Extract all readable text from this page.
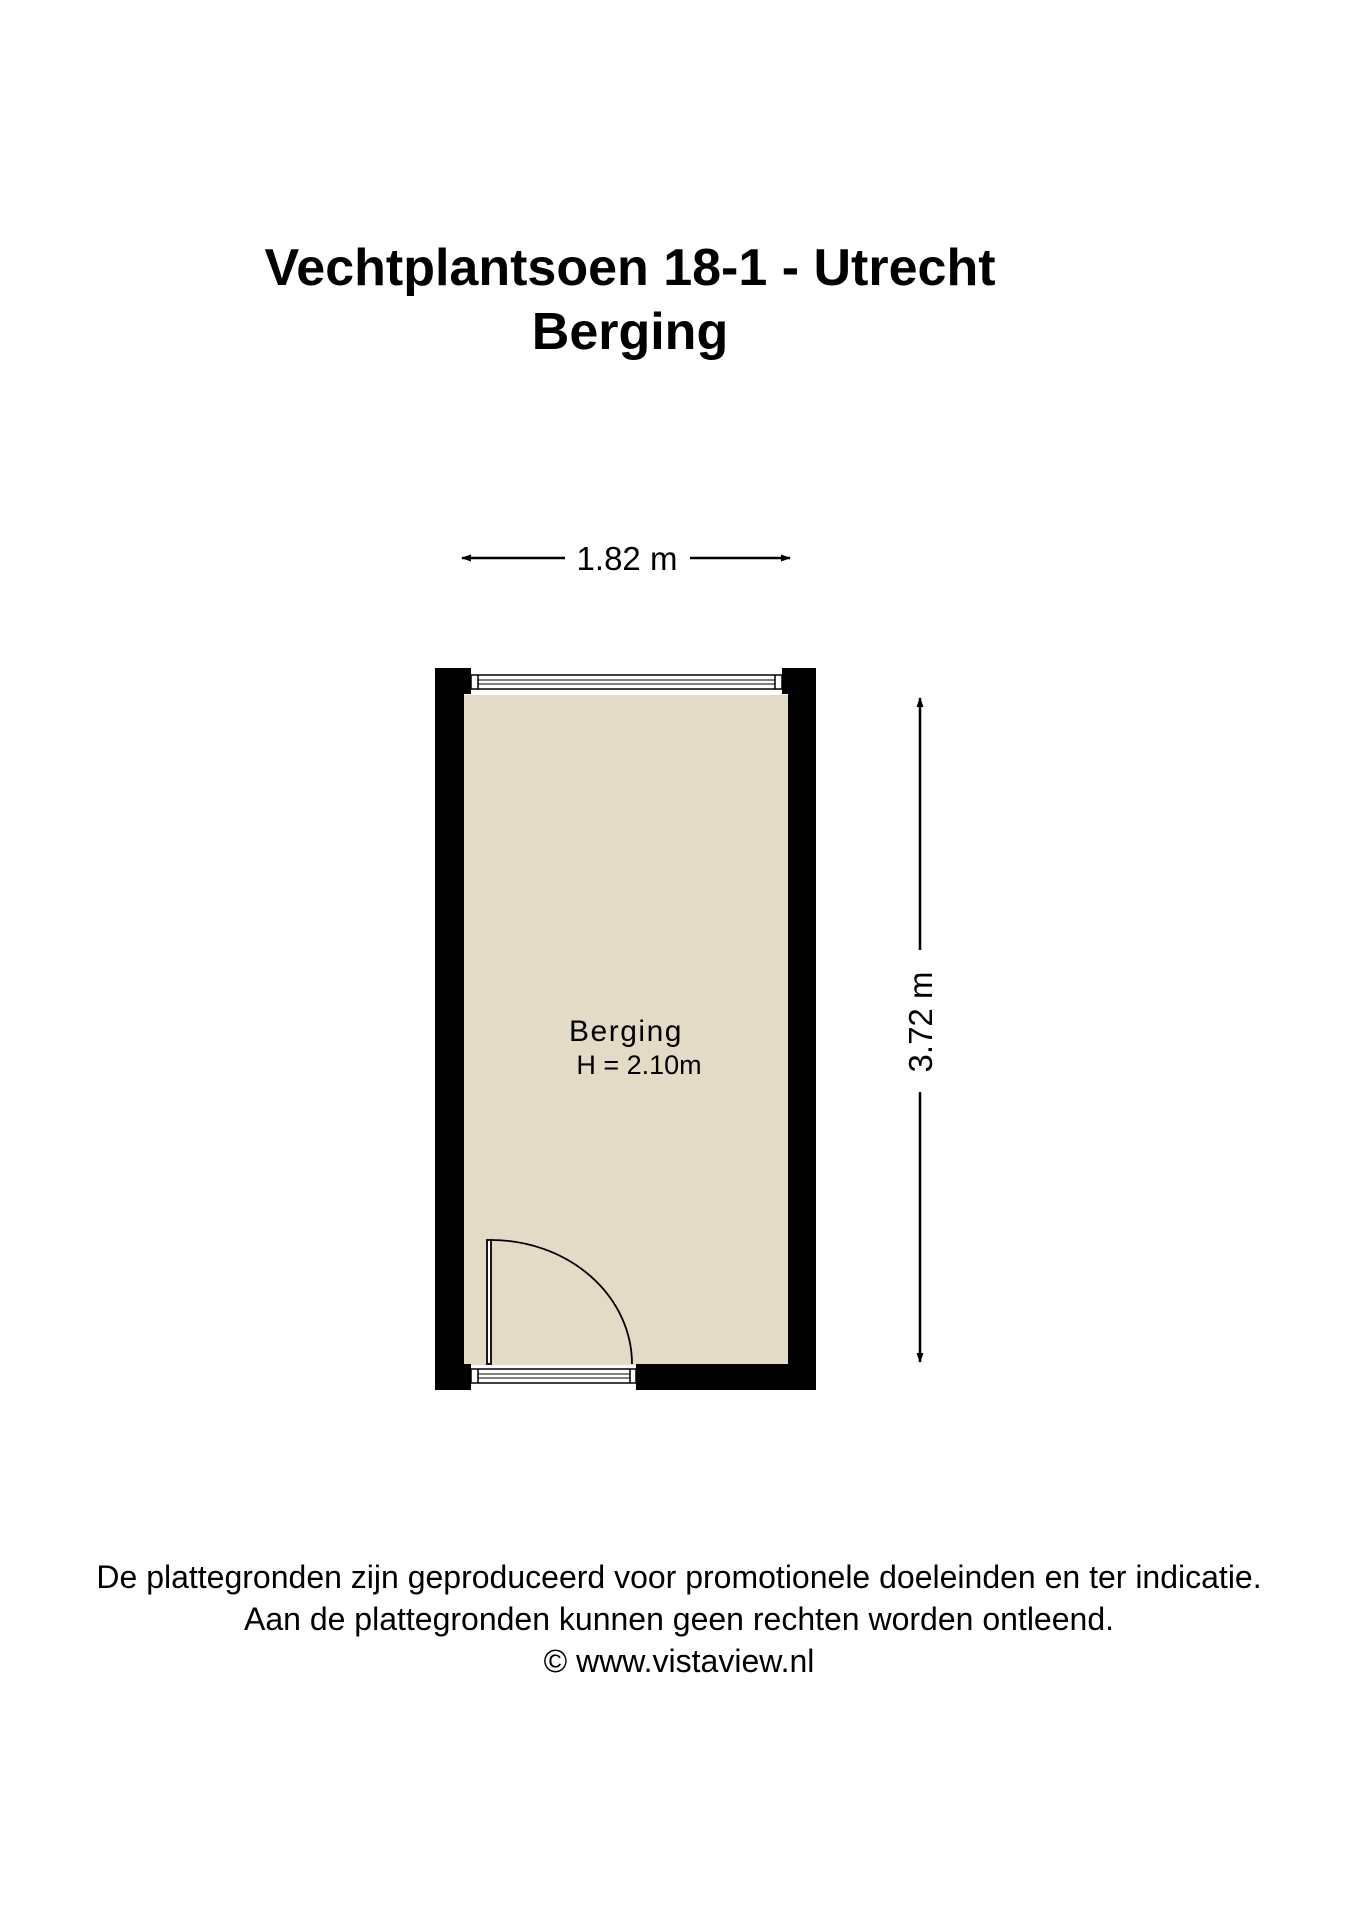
Vechtplantsoen 18-1 - Utrecht
Berging
1.82 m
3.72 m
Berging
H = 2.10m
De plattegronden zijn geproduceerd voor promotionele doeleinden en ter indicatie.
Aan de plattegronden kunnen geen rechten worden ontleend.
© www.vistaview.nl
